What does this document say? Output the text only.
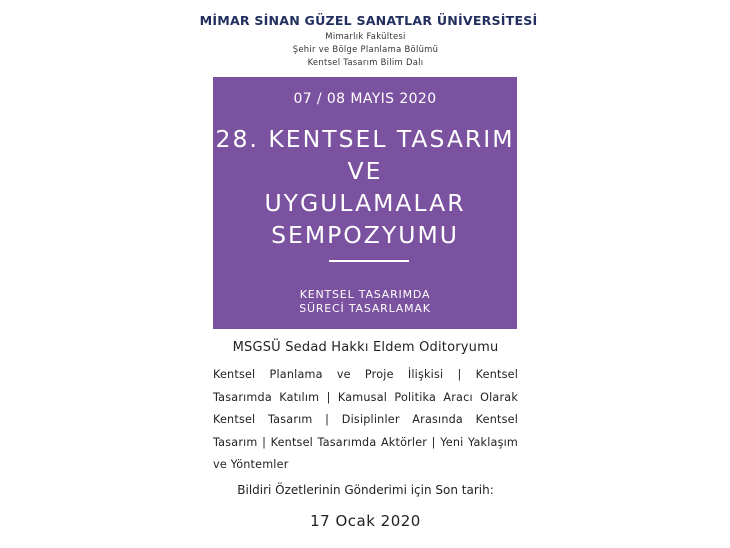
MİMAR SİNAN GÜZEL SANATLAR ÜNİVERSİTESİ
Mimarlık Fakültesi
Şehir ve Bölge Planlama Bölümü
Kentsel Tasarım Bilim Dalı
07 / 08 MAYIS 2020
28. KENTSEL TASARIM
VE
UYGULAMALAR
SEMPOZYUMU
KENTSEL TASARIMDA
SÜRECİ TASARLAMAK
MSGSÜ Sedad Hakkı Eldem Oditoryumu
Kentsel Planlama ve Proje İlişkisi | Kentsel Tasarımda Katılım | Kamusal Politika Aracı Olarak Kentsel Tasarım | Disiplinler Arasında Kentsel Tasarım | Kentsel Tasarımda Aktörler | Yeni Yaklaşım ve Yöntemler
Bildiri Özetlerinin Gönderimi için Son tarih:
17 Ocak 2020
